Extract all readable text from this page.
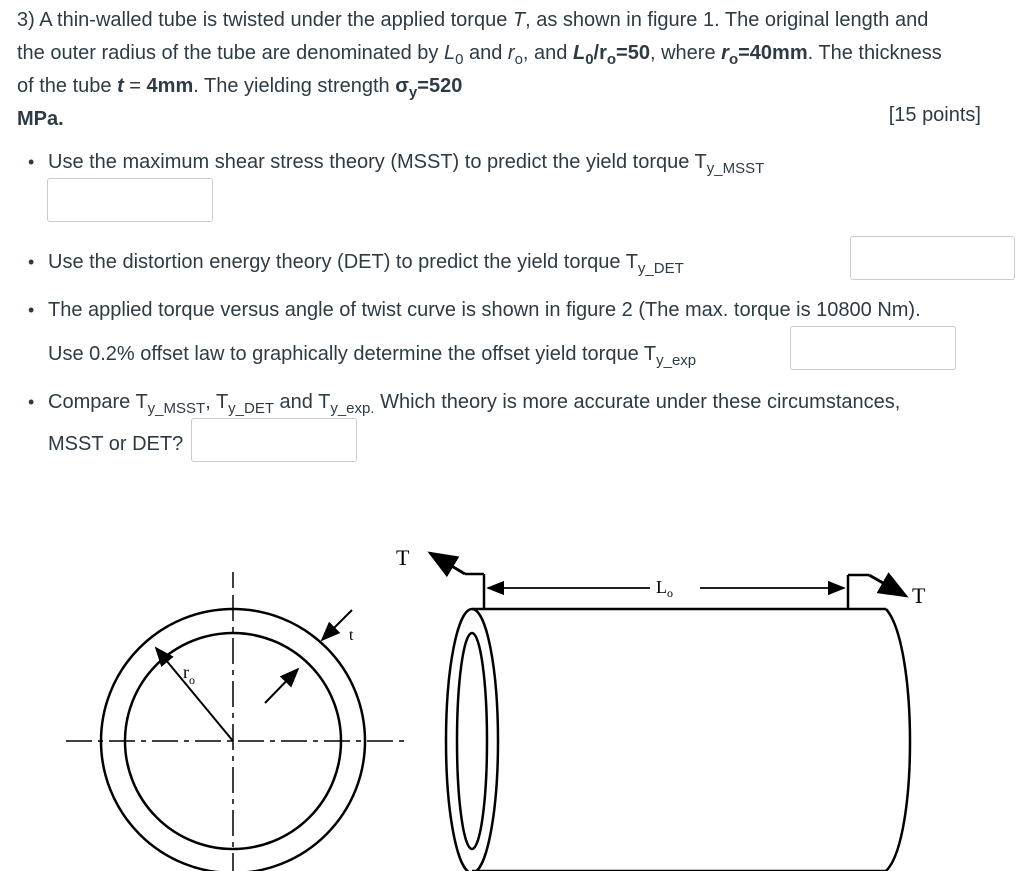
3) A thin-walled tube is twisted under the applied torque T, as shown in figure 1. The original length and
the outer radius of the tube are denominated by $L_0$ and $r_o$, and $L_0/r_o=50$, where $r_o=40mm$. The thickness
of the tube t = 4mm. The yielding strength $\sigma_y=520$
MPa.	[15 points]
• Use the maximum shear stress theory (MSST) to predict the yield torque $T_{y\_MSST}$
• Use the distortion energy theory (DET) to predict the yield torque $T_{y\_DET}$
• The applied torque versus angle of twist curve is shown in figure 2 (The max. torque is 10800 Nm).
Use 0.2% offset law to graphically determine the offset yield torque $T_{y\_exp}$
• Compare $T_{y\_MSST}$, $T_{y\_DET}$ and $T_{y\_exp.}$ Which theory is more accurate under these circumstances,
MSST or DET?
$r_o$
t
T
$L_o$	T
